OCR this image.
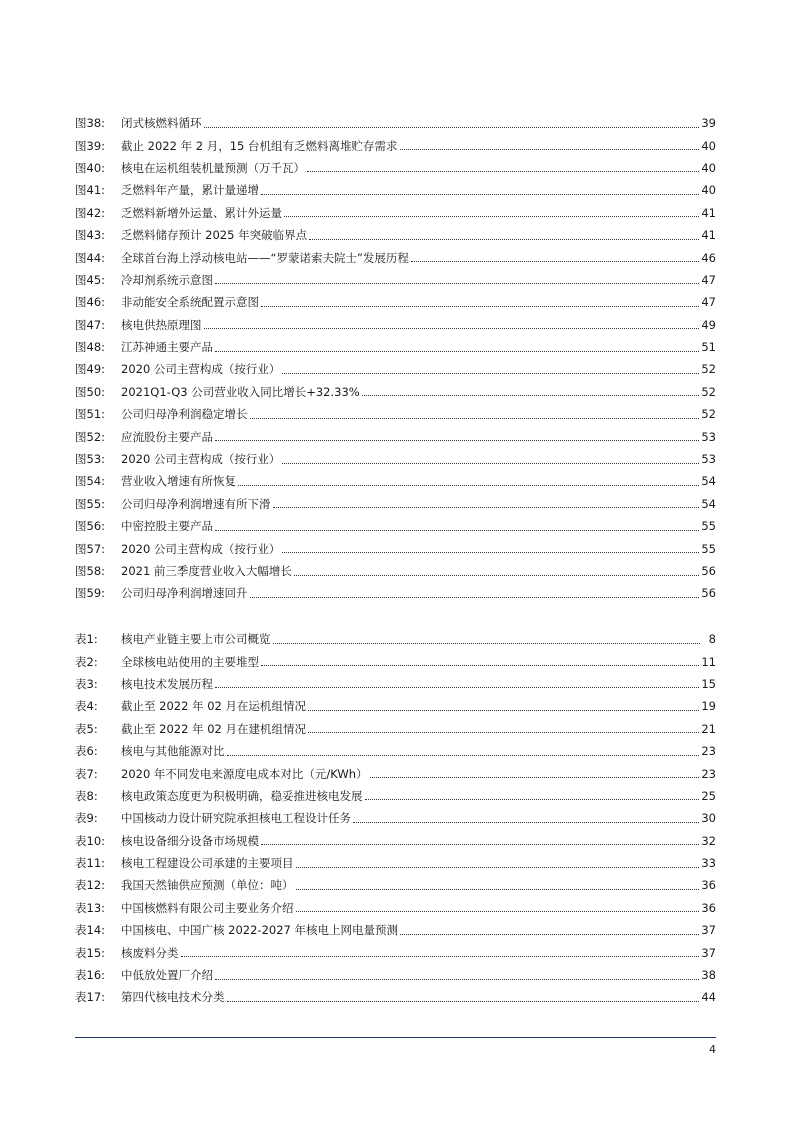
图38:	闭式核燃料循环	39
图39:	截止 2022 年 2 月，15 台机组有乏燃料离堆贮存需求	40
图40:	核电在运机组装机量预测（万千瓦）	40
图41:	乏燃料年产量，累计量递增	40
图42:	乏燃料新增外运量、累计外运量	41
图43:	乏燃料储存预计 2025 年突破临界点	41
图44:	全球首台海上浮动核电站——“罗蒙诺索夫院士”发展历程	46
图45:	冷却剂系统示意图	47
图46:	非动能安全系统配置示意图	47
图47:	核电供热原理图	49
图48:	江苏神通主要产品	51
图49:	2020 公司主营构成（按行业）	52
图50:	2021Q1-Q3 公司营业收入同比增长+32.33%	52
图51:	公司归母净利润稳定增长	52
图52:	应流股份主要产品	53
图53:	2020 公司主营构成（按行业）	53
图54:	营业收入增速有所恢复	54
图55:	公司归母净利润增速有所下滑	54
图56:	中密控股主要产品	55
图57:	2020 公司主营构成（按行业）	55
图58:	2021 前三季度营业收入大幅增长	56
图59:	公司归母净利润增速回升	56
表1:	核电产业链主要上市公司概览	8
表2:	全球核电站使用的主要堆型	11
表3:	核电技术发展历程	15
表4:	截止至 2022 年 02 月在运机组情况	19
表5:	截止至 2022 年 02 月在建机组情况	21
表6:	核电与其他能源对比	23
表7:	2020 年不同发电来源度电成本对比（元/KWh）	23
表8:	核电政策态度更为积极明确，稳妥推进核电发展	25
表9:	中国核动力设计研究院承担核电工程设计任务	30
表10:	核电设备细分设备市场规模	32
表11:	核电工程建设公司承建的主要项目	33
表12:	我国天然铀供应预测（单位：吨）	36
表13:	中国核燃料有限公司主要业务介绍	36
表14:	中国核电、中国广核 2022-2027 年核电上网电量预测	37
表15:	核废料分类	37
表16:	中低放处置厂介绍	38
表17:	第四代核电技术分类	44
4
